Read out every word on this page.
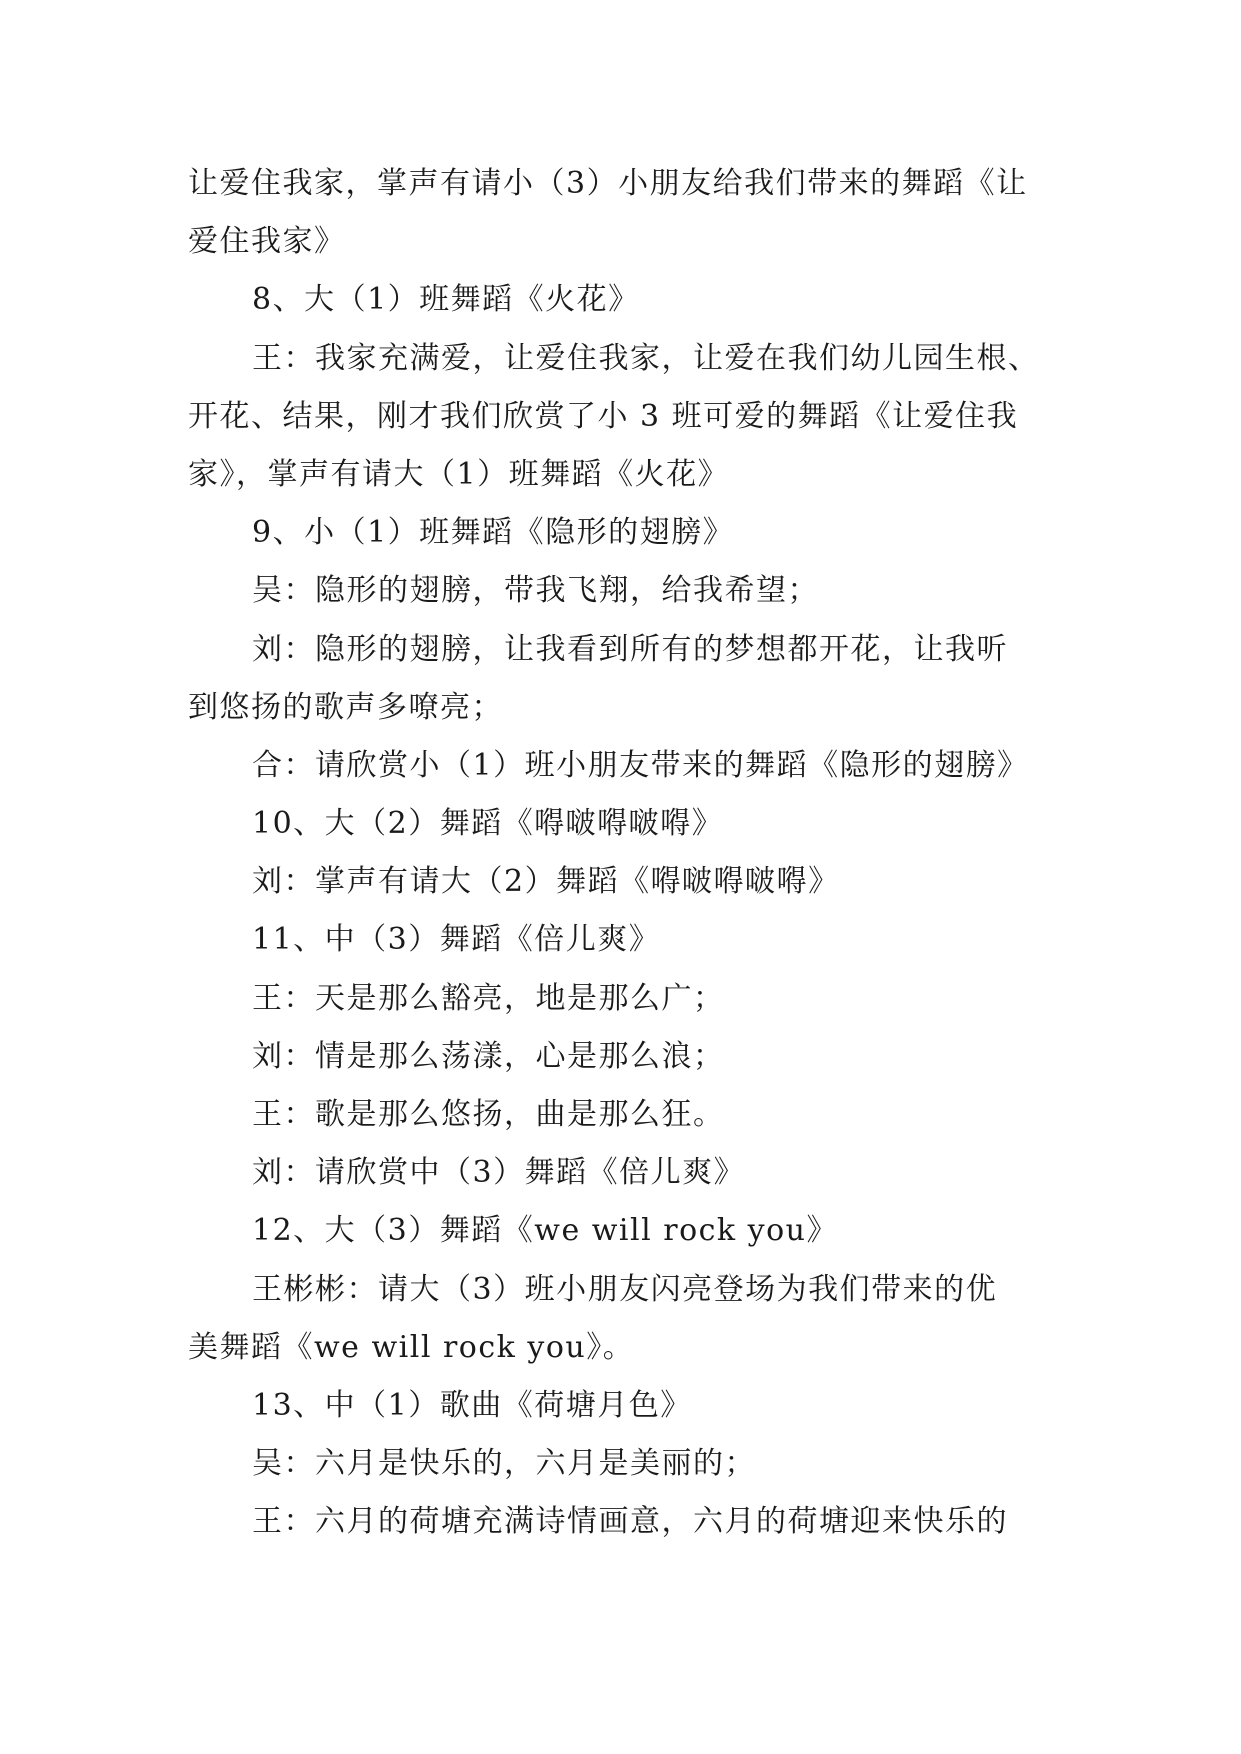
让爱住我家，掌声有请小（3）小朋友给我们带来的舞蹈《让
爱住我家》
8、大（1）班舞蹈《火花》
王：我家充满爱，让爱住我家，让爱在我们幼儿园生根、
开花、结果，刚才我们欣赏了小 3 班可爱的舞蹈《让爱住我
家》，掌声有请大（1）班舞蹈《火花》
9、小（1）班舞蹈《隐形的翅膀》
吴：隐形的翅膀，带我飞翔，给我希望；
刘：隐形的翅膀，让我看到所有的梦想都开花，让我听
到悠扬的歌声多嘹亮；
合：请欣赏小（1）班小朋友带来的舞蹈《隐形的翅膀》
10、大（2）舞蹈《嘚啵嘚啵嘚》
刘：掌声有请大（2）舞蹈《嘚啵嘚啵嘚》
11、中（3）舞蹈《倍儿爽》
王：天是那么豁亮，地是那么广；
刘：情是那么荡漾，心是那么浪；
王：歌是那么悠扬，曲是那么狂。
刘：请欣赏中（3）舞蹈《倍儿爽》
12、大（3）舞蹈《we will rock you》
王彬彬：请大（3）班小朋友闪亮登场为我们带来的优
美舞蹈《we will rock you》。
13、中（1）歌曲《荷塘月色》
吴：六月是快乐的，六月是美丽的；
王：六月的荷塘充满诗情画意，六月的荷塘迎来快乐的
